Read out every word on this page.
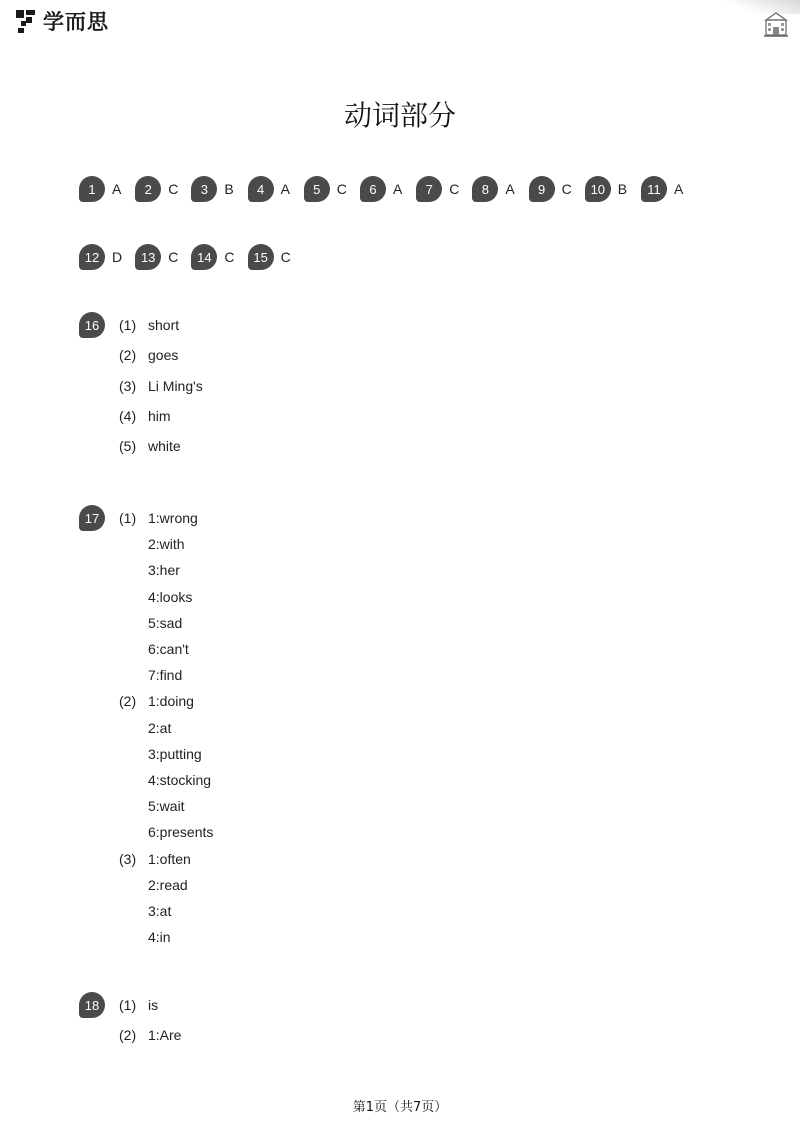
学而思
动词部分
1	A	2	C	3	B	4	A	5	C	6	A	7	C	8	A	9	C	10 B	11 A
12 D	13 C	14 C	15 C
16	(1) short
(2) goes
(3) Li Ming's
(4) him
(5) white
17	(1) 1:wrong
2:with
3:her
4:looks
5:sad
6:can't
7:find
(2) 1:doing
2:at
3:putting
4:stocking
5:wait
6:presents
(3) 1:often
2:read
3:at
4:in
18	(1) is
(2) 1:Are
第1页（共7页）
